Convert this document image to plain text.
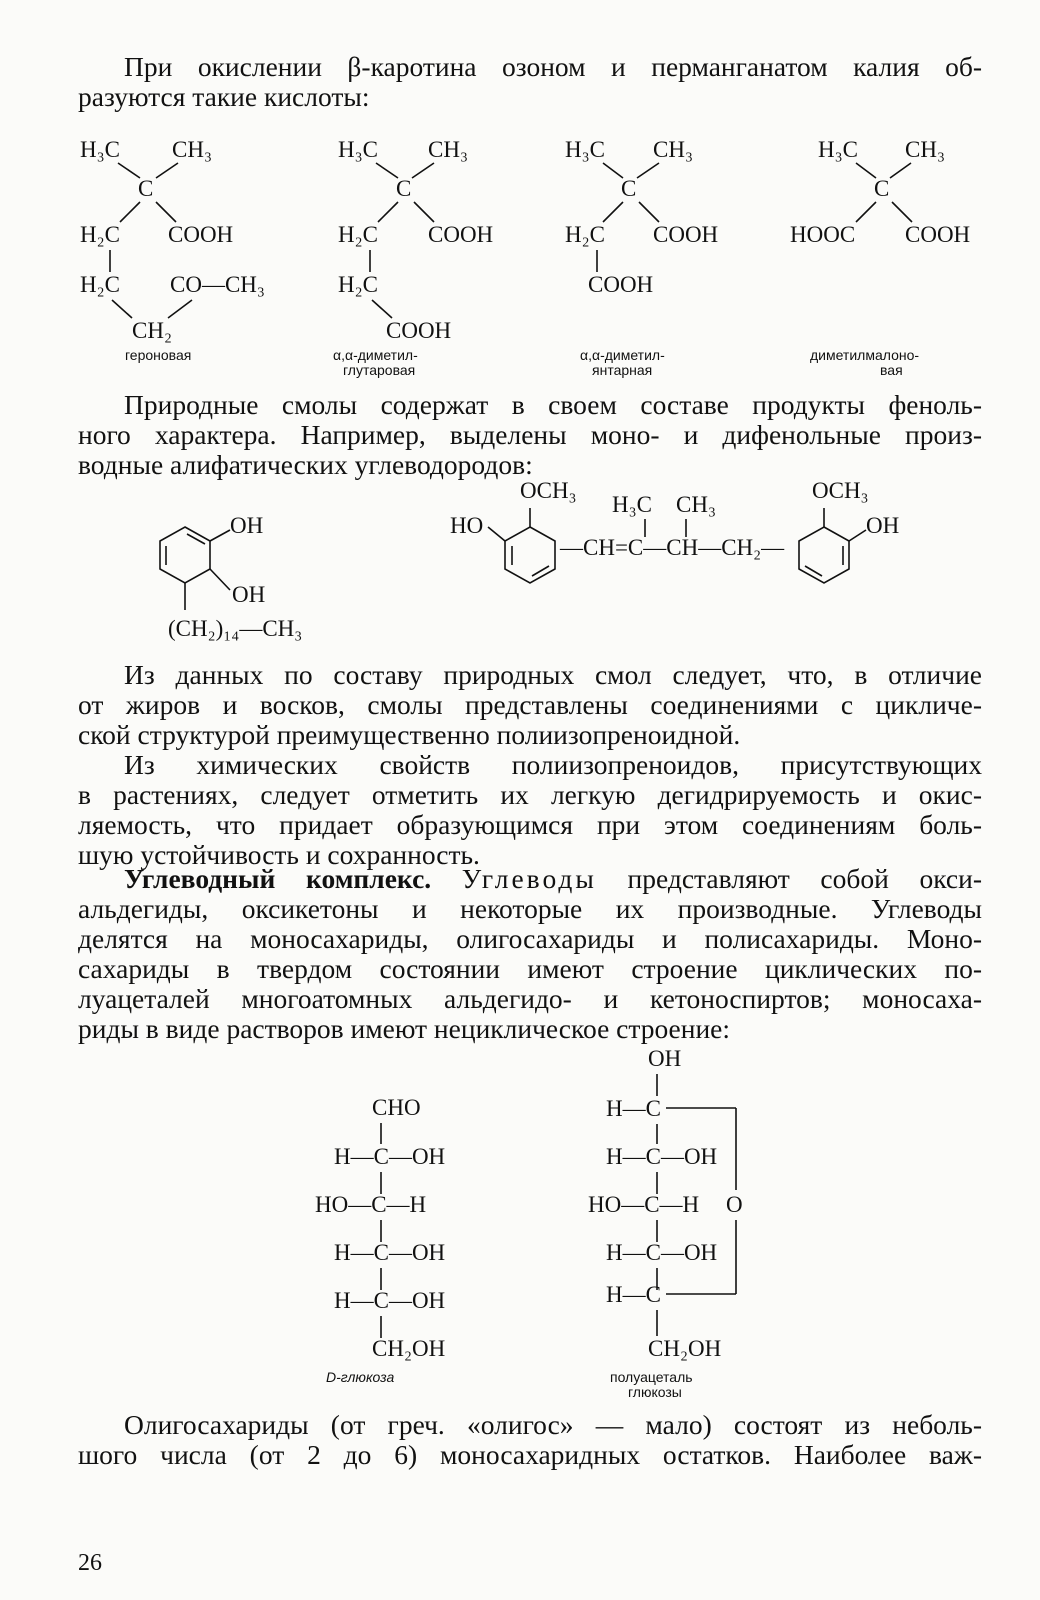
При окислении β-каротина озоном и перманганатом калия об-
разуются такие кислоты:

H₃C CH₃
C
H₂C COOH
H₂C CO—CH₃
CH₂
героновая
H₃C CH₃
C
H₂C COOH
H₂C
COOH
α,α-диметил-
глутаровая
H₃C CH₃
C
H₂C COOH
COOH
α,α-диметил-
янтарная
H₃C CH₃
C
HOOC COOH
диметилмалоно-
вая

Природные смолы содержат в своем составе продукты феноль-
ного характера. Например, выделены моно- и дифенольные произ-
водные алифатических углеводородов:

OH
OH
(CH₂)₁₄—CH₃
HO
OCH₃
—CH=C—CH—CH₂—
H₃C CH₃
OCH₃
OH

Из данных по составу природных смол следует, что, в отличие
от жиров и восков, смолы представлены соединениями с цикличе-
ской структурой преимущественно полиизопреноидной.

Из химических свойств полиизопреноидов, присутствующих
в растениях, следует отметить их легкую дегидрируемость и окис-
ляемость, что придает образующимся при этом соединениям боль-
шую устойчивость и сохранность.

Углеводный комплекс. Углеводы представляют собой окси-
альдегиды, оксикетоны и некоторые их производные. Углеводы
делятся на моносахариды, олигосахариды и полисахариды. Моно-
сахариды в твердом состоянии имеют строение циклических по-
луацеталей многоатомных альдегидо- и кетоноспиртов; моносаха-
риды в виде растворов имеют нециклическое строение:

CHO
H—C—OH
HO—C—H
H—C—OH
H—C—OH
CH₂OH
D-глюкоза
OH
H—C
H—C—OH
HO—C—H
H—C—OH
H—C
CH₂OH
O
полуацеталь
глюкозы

Олигосахариды (от греч. «олигос» — мало) состоят из неболь-
шого числа (от 2 до 6) моносахаридных остатков. Наиболее важ-

26
